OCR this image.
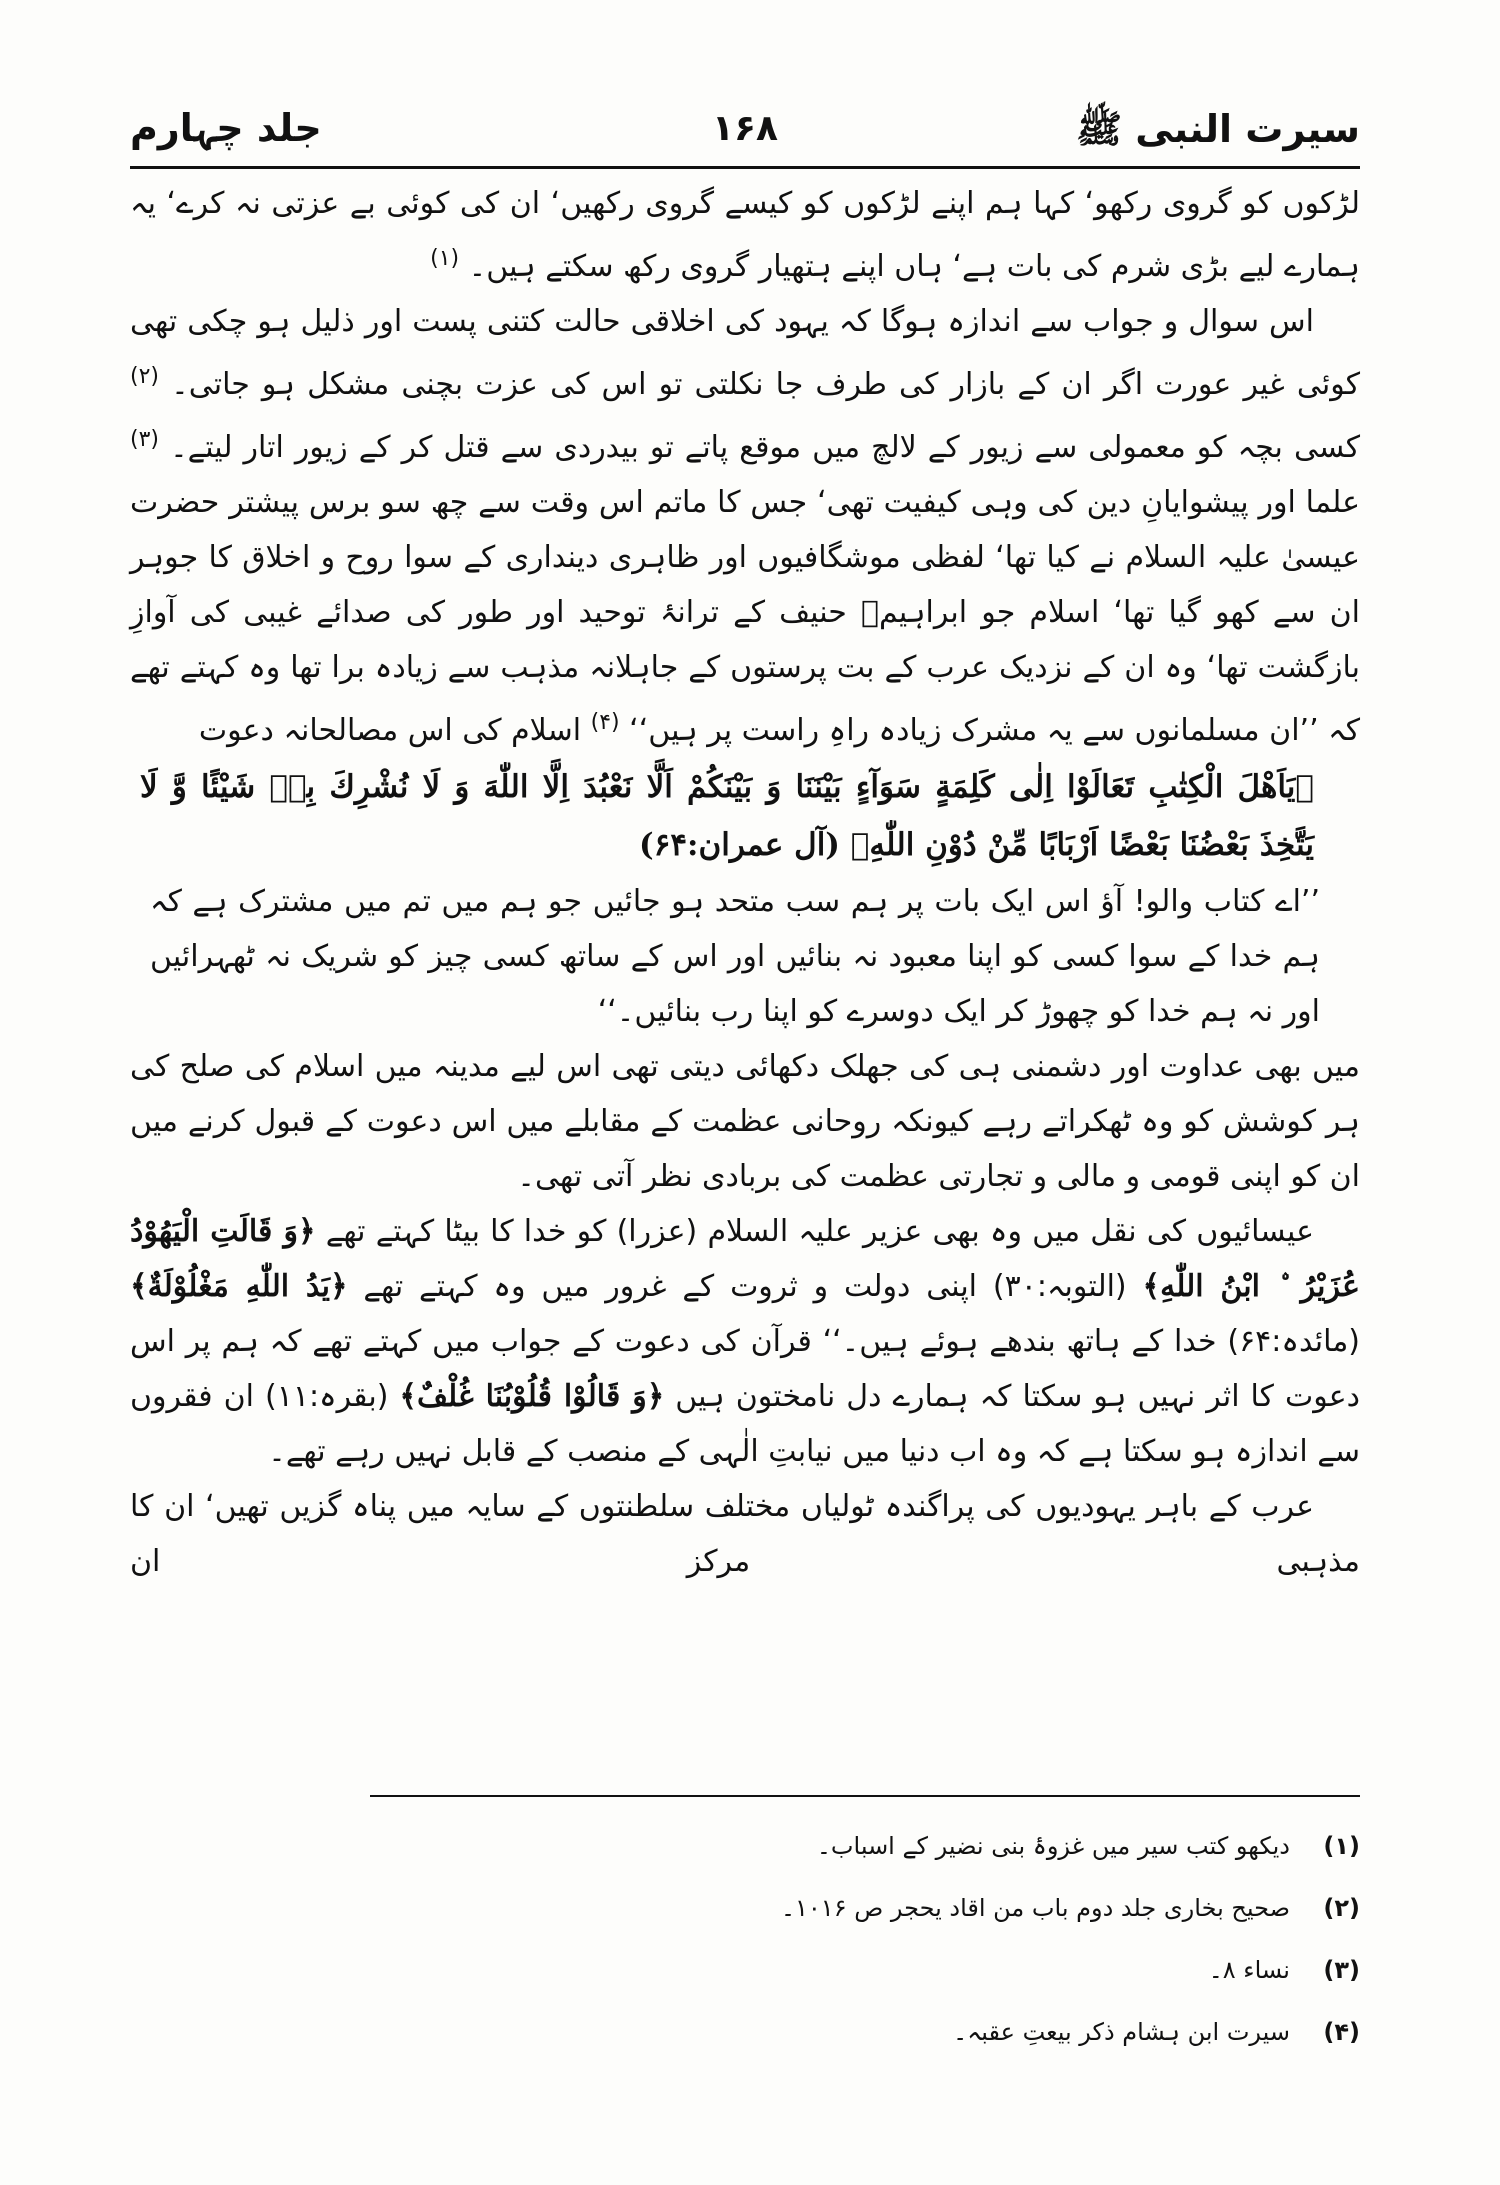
سیرت النبی ﷺ
۱۶۸
جلد چہارم

لڑکوں کو گروی رکھو‘ کہا ہم اپنے لڑکوں کو کیسے گروی رکھیں‘ ان کی کوئی بے عزتی نہ کرے‘ یہ ہمارے لیے بڑی شرم کی بات ہے‘ ہاں اپنے ہتھیار گروی رکھ سکتے ہیں۔ $^{(۱)}$

اس سوال و جواب سے اندازہ ہوگا کہ یہود کی اخلاقی حالت کتنی پست اور ذلیل ہو چکی تھی کوئی غیر عورت اگر ان کے بازار کی طرف جا نکلتی تو اس کی عزت بچنی مشکل ہو جاتی۔ $^{(۲)}$ کسی بچہ کو معمولی سے زیور کے لالچ میں موقع پاتے تو بیدردی سے قتل کر کے زیور اتار لیتے۔ $^{(۳)}$ علما اور پیشوایانِ دین کی وہی کیفیت تھی‘ جس کا ماتم اس وقت سے چھ سو برس پیشتر حضرت عیسیٰ علیہ السلام نے کیا تھا‘ لفظی موشگافیوں اور ظاہری دینداری کے سوا روح و اخلاق کا جوہر ان سے کھو گیا تھا‘ اسلام جو ابراہیمؑ حنیف کے ترانۂ توحید اور طور کی صدائے غیبی کی آوازِ بازگشت تھا‘ وہ ان کے نزدیک عرب کے بت پرستوں کے جاہلانہ مذہب سے زیادہ برا تھا وہ کہتے تھے کہ ’’ان مسلمانوں سے یہ مشرک زیادہ راہِ راست پر ہیں‘‘ $^{(۴)}$ اسلام کی اس مصالحانہ دعوت

﴿يَاَهْلَ الْكِتٰبِ تَعَالَوْا اِلٰى كَلِمَةٍ سَوَآءٍ بَيْنَنَا وَ بَيْنَكُمْ اَلَّا نَعْبُدَ اِلَّا اللّٰهَ وَ لَا نُشْرِكَ بِهٖ شَيْئًا وَّ لَا يَتَّخِذَ بَعْضُنَا بَعْضًا اَرْبَابًا مِّنْ دُوْنِ اللّٰهِ﴾ (آل عمران:۶۴)

’’اے کتاب والو! آؤ اس ایک بات پر ہم سب متحد ہو جائیں جو ہم میں تم میں مشترک ہے کہ ہم خدا کے سوا کسی کو اپنا معبود نہ بنائیں اور اس کے ساتھ کسی چیز کو شریک نہ ٹھہرائیں اور نہ ہم خدا کو چھوڑ کر ایک دوسرے کو اپنا رب بنائیں۔‘‘

میں بھی عداوت اور دشمنی ہی کی جھلک دکھائی دیتی تھی اس لیے مدینہ میں اسلام کی صلح کی ہر کوشش کو وہ ٹھکراتے رہے کیونکہ روحانی عظمت کے مقابلے میں اس دعوت کے قبول کرنے میں ان کو اپنی قومی و مالی و تجارتی عظمت کی بربادی نظر آتی تھی۔

عیسائیوں کی نقل میں وہ بھی عزیر علیہ السلام (عزرا) کو خدا کا بیٹا کہتے تھے ﴿وَ قَالَتِ الْيَهُوْدُ عُزَيْرُ ۨ ابْنُ اللّٰهِ﴾ (التوبہ:۳۰) اپنی دولت و ثروت کے غرور میں وہ کہتے تھے ﴿يَدُ اللّٰهِ مَغْلُوْلَةٌ﴾ (مائدہ:۶۴) خدا کے ہاتھ بندھے ہوئے ہیں۔‘‘ قرآن کی دعوت کے جواب میں کہتے تھے کہ ہم پر اس دعوت کا اثر نہیں ہو سکتا کہ ہمارے دل نامختون ہیں ﴿وَ قَالُوْا قُلُوْبُنَا غُلْفٌ﴾ (بقرہ:۱۱) ان فقروں سے اندازہ ہو سکتا ہے کہ وہ اب دنیا میں نیابتِ الٰہی کے منصب کے قابل نہیں رہے تھے۔

عرب کے باہر یہودیوں کی پراگندہ ٹولیاں مختلف سلطنتوں کے سایہ میں پناہ گزیں تھیں‘ ان کا مذہبی مرکز ان

(۱)
دیکھو کتب سیر میں غزوۂ بنی نضیر کے اسباب۔
(۲)
صحیح بخاری جلد دوم باب من اقاد یحجر ص ۱۰۱۶۔
(۳)
نساء ۸۔
(۴)
سیرت ابن ہشام ذکر بیعتِ عقبہ۔
